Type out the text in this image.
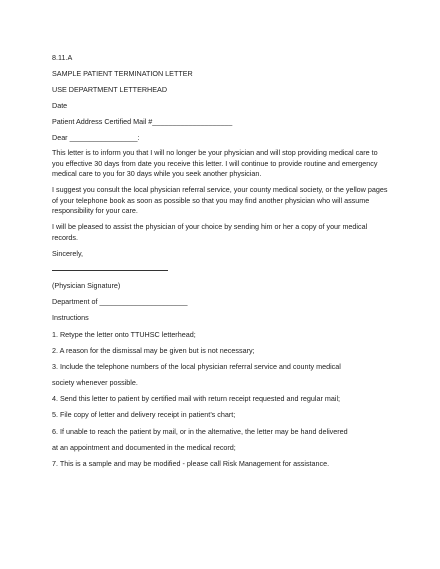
8.11.A
SAMPLE PATIENT TERMINATION LETTER
USE DEPARTMENT LETTERHEAD
Date
Patient Address Certified Mail #____________________
Dear _________________:
This letter is to inform you that I will no longer be your physician and will stop providing medical care to
you effective 30 days from date you receive this letter. I will continue to provide routine and emergency
medical care to you for 30 days while you seek another physician.
I suggest you consult the local physician referral service, your county medical society, or the yellow pages
of your telephone book as soon as possible so that you may find another physician who will assume
responsibility for your care.
I will be pleased to assist the physician of your choice by sending him or her a copy of your medical
records.
Sincerely,
(Physician Signature)
Department of ______________________
Instructions
1. Retype the letter onto TTUHSC letterhead;
2. A reason for the dismissal may be given but is not necessary;
3. Include the telephone numbers of the local physician referral service and county medical
society whenever possible.
4. Send this letter to patient by certified mail with return receipt requested and regular mail;
5. File copy of letter and delivery receipt in patient’s chart;
6. If unable to reach the patient by mail, or in the alternative, the letter may be hand delivered
at an appointment and documented in the medical record;
7. This is a sample and may be modified - please call Risk Management for assistance.
